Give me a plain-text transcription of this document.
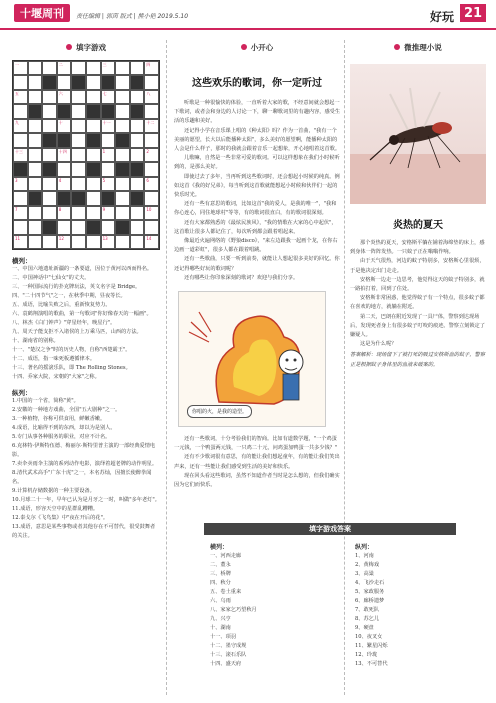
十堰周刊	责任编辑 | 郭茵 版式 | 熊小艳 2019.5.10	好玩 21
填字游戏
一	二	三	四
五	六	七	八
九	十	十一	十二
十三	十四	1	2
3	4	5	6
7	8	9	10
11	12	13	14
横列：
一、中国六地遗址新疆的一条要道，因位于黄河以西而得名。
二、中国神话中"七仙女"的丈夫。
三、一种国际流行的扑克牌玩法，英文名字是 Bridge。
四、"二十四节气"之一，在秋季中期，昼夜等长。
五、成语，比喻失败之后，重新恢复势力。
六、袁鹤翔演唱的歌曲，第一句歌词"你好像春天的一幅画"。
八、林杰《白门钟声》"穿星经年，晚星行"。
九、周天子能支拒不入诸侯的上万乘马匹，山西的方法。
十、湖南省的别称。
十一、"楚汉之争"时的历史人物，自称"西楚霸王"。
十二、成语，指一味死板遵循律本。
十三、著名的摇滚乐队，即 The Rolling Stones。
十四、乔家大院，宋朝的"大家"之称。
纵列：
1.中国的一个省，简称"黄"。
2.安徽的一种地方戏曲，全国"五大剧种"之一。
3.一种植物，谷称可供食用，鲜嫩香嫩。
4.成语，比喻得不到的东西，却以为是别人。
5.专门从事各种服务的职业，对应不计名。
6.克林特·伊斯特伍德、梅丽尔·斯特里普主演的一部经典爱情电影。
7.卖伞卖雨伞主演的系列动作电影，演绎着超老牌的动作明星。
8.清代武术高手"广东十虎"之一，本名苏灿，因擅长使醉拳闻名。
9.计算机存储数据的一种主要设备。
10.月球二十一年，早年已认为是月牙之一时，叫做"多年老灯"。
11.成语，形容天空中的星群乱糟糟。
12.泰戈尔《飞鸟集》中"夜在开后的花"。
13.成语，意思是某些事物或者其他存在不可替代，很受鼓舞者的关注。
小开心
这些欢乐的歌词，你一定听过
听歌是一种很愉快的体验，一直听着大家的歌，不经意间就会想起一下歌词，或者会和身边的人讨论一下，聊一聊歌词里的有趣内容，感受生活的乐趣和美好。
还记得小学在音乐课上唱的《种太阳》吗？作为一首曲，"我有一个美丽的愿望，长大以后能播种太阳"，多么美好的愿望啊，能播种太阳的人会是什么样子，那时的我就会跟着音乐一起想象，开心地唱着这首歌。
儿歌嘛，自然是一些非常可爱的歌词。可以这样想象在我们小时候听到的，是那么美好。
即使过去了多年，当再听到这些歌词时，还会想起小时候的纯真。例如这首《我的好兄弟》，每当听到这首歌就能想起小时候和伙伴们一起的快乐时光。
还有一些有意思的歌词，比如这首"我的爱人，是我的唯一"，"我和你心连心，同住地球村"等等，有的歌词很直白，有的歌词很深刻。
还有大家都熟悉的《最炫民族风》，"我的情歌在大家的心中起伏"，这首歌让很多人都记住了，每次听到都会跟着唱起来。
像最近火遍网络的《野狼disco》，"来左边跟我一起画个龙，在你右边画一道彩虹"，很多人都在跟着唱跳。
还有一些歌曲，只要一听到前奏，就能让人想起很多美好的回忆。你还记得哪些好玩的歌词呢？
还有哪些让你印象深刻的歌词？欢迎与我们分享。
你唱的火，是我的造型。
还有一些歌词，十分考验我们的智商。比如有道数学题，"一个鸡蛋一元钱，一个鸭蛋两元钱，一只鸡二十元，问鸡蛋加鸭蛋一共多少钱？"
还有不少歌词很有意思，有的能让我们想起童年，有的能让我们笑出声来，还有一些能让我们感受到生活的美好和快乐。
现在回头看这些歌词，虽然不知道作者当时是怎么想的，但我们确实因为它们而快乐。
微推理小说
炎热的夏天
那个炎热的夏天，安格斯平躺在铺着海绵垫的床上，感到身体一阵阵发热。一只蚊子正在嗡嗡作响。
由于天气很热，河边的蚊子特别多，安格斯心里很烦，于是他决定出门走走。
安格斯一边走一边思考，他觉得这天的蚊子特别多，就一路拍打着，回到了住处。
安格斯非常困惑，他觉得蚊子有一个特点，很多蚊子都在喜欢的地方，就躺在附近。
第二天，巴朗在附近发现了一具尸体，警察到达现场后，发现死者身上有很多蚊子叮咬的痕迹。警察立刻锁定了嫌疑人。
这是为什么呢？
答案解析：现场留下了被打死的吸过安格斯血的蚊子，警察正是根据蚊子身体里的血液来破案的。
填字游戏答案
横列：
一、河西走廊
二、董永
三、桥牌
四、秋分
五、卷土重来
六、乌雨
八、家家乞巧望秋月
九、兴亨
十、湖南
十一、项羽
十二、墨守成规
十三、滚石乐队
十四、盛天府
纵列：
1、河南
2、黄梅戏
3、高粱
4、飞沙走石
5、家政服务
6、廊桥遗梦
7、敢死队
8、苏乞儿
9、硬盘
10、夜叉女
11、繁星闪烁
12、玲珑
13、不可替代
